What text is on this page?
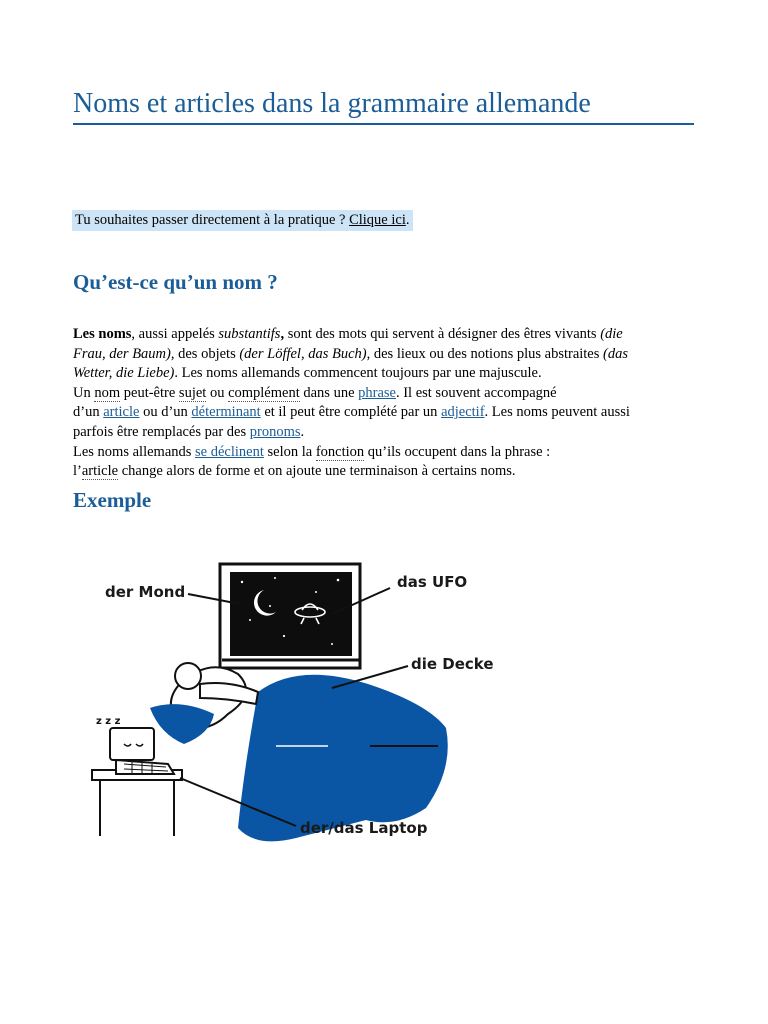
Noms et articles dans la grammaire allemande
Tu souhaites passer directement à la pratique ? Clique ici.
Qu’est-ce qu’un nom ?

Les noms, aussi appelés substantifs, sont des mots qui servent à désigner des êtres vivants (die

Frau, der Baum), des objets (der Löffel, das Buch), des lieux ou des notions plus abstraites (das

Wetter, die Liebe). Les noms allemands commencent toujours par une majuscule.

Un nom peut-être sujet ou complément dans une phrase. Il est souvent accompagné

d’un article ou d’un déterminant et il peut être complété par un adjectif. Les noms peuvent aussi

parfois être remplacés par des pronoms.

Les noms allemands se déclinent selon la fonction qu’ils occupent dans la phrase :

l’article change alors de forme et on ajoute une terminaison à certains noms.

Exemple
z z z
der Mond
das UFO
die Decke
der/das Laptop
